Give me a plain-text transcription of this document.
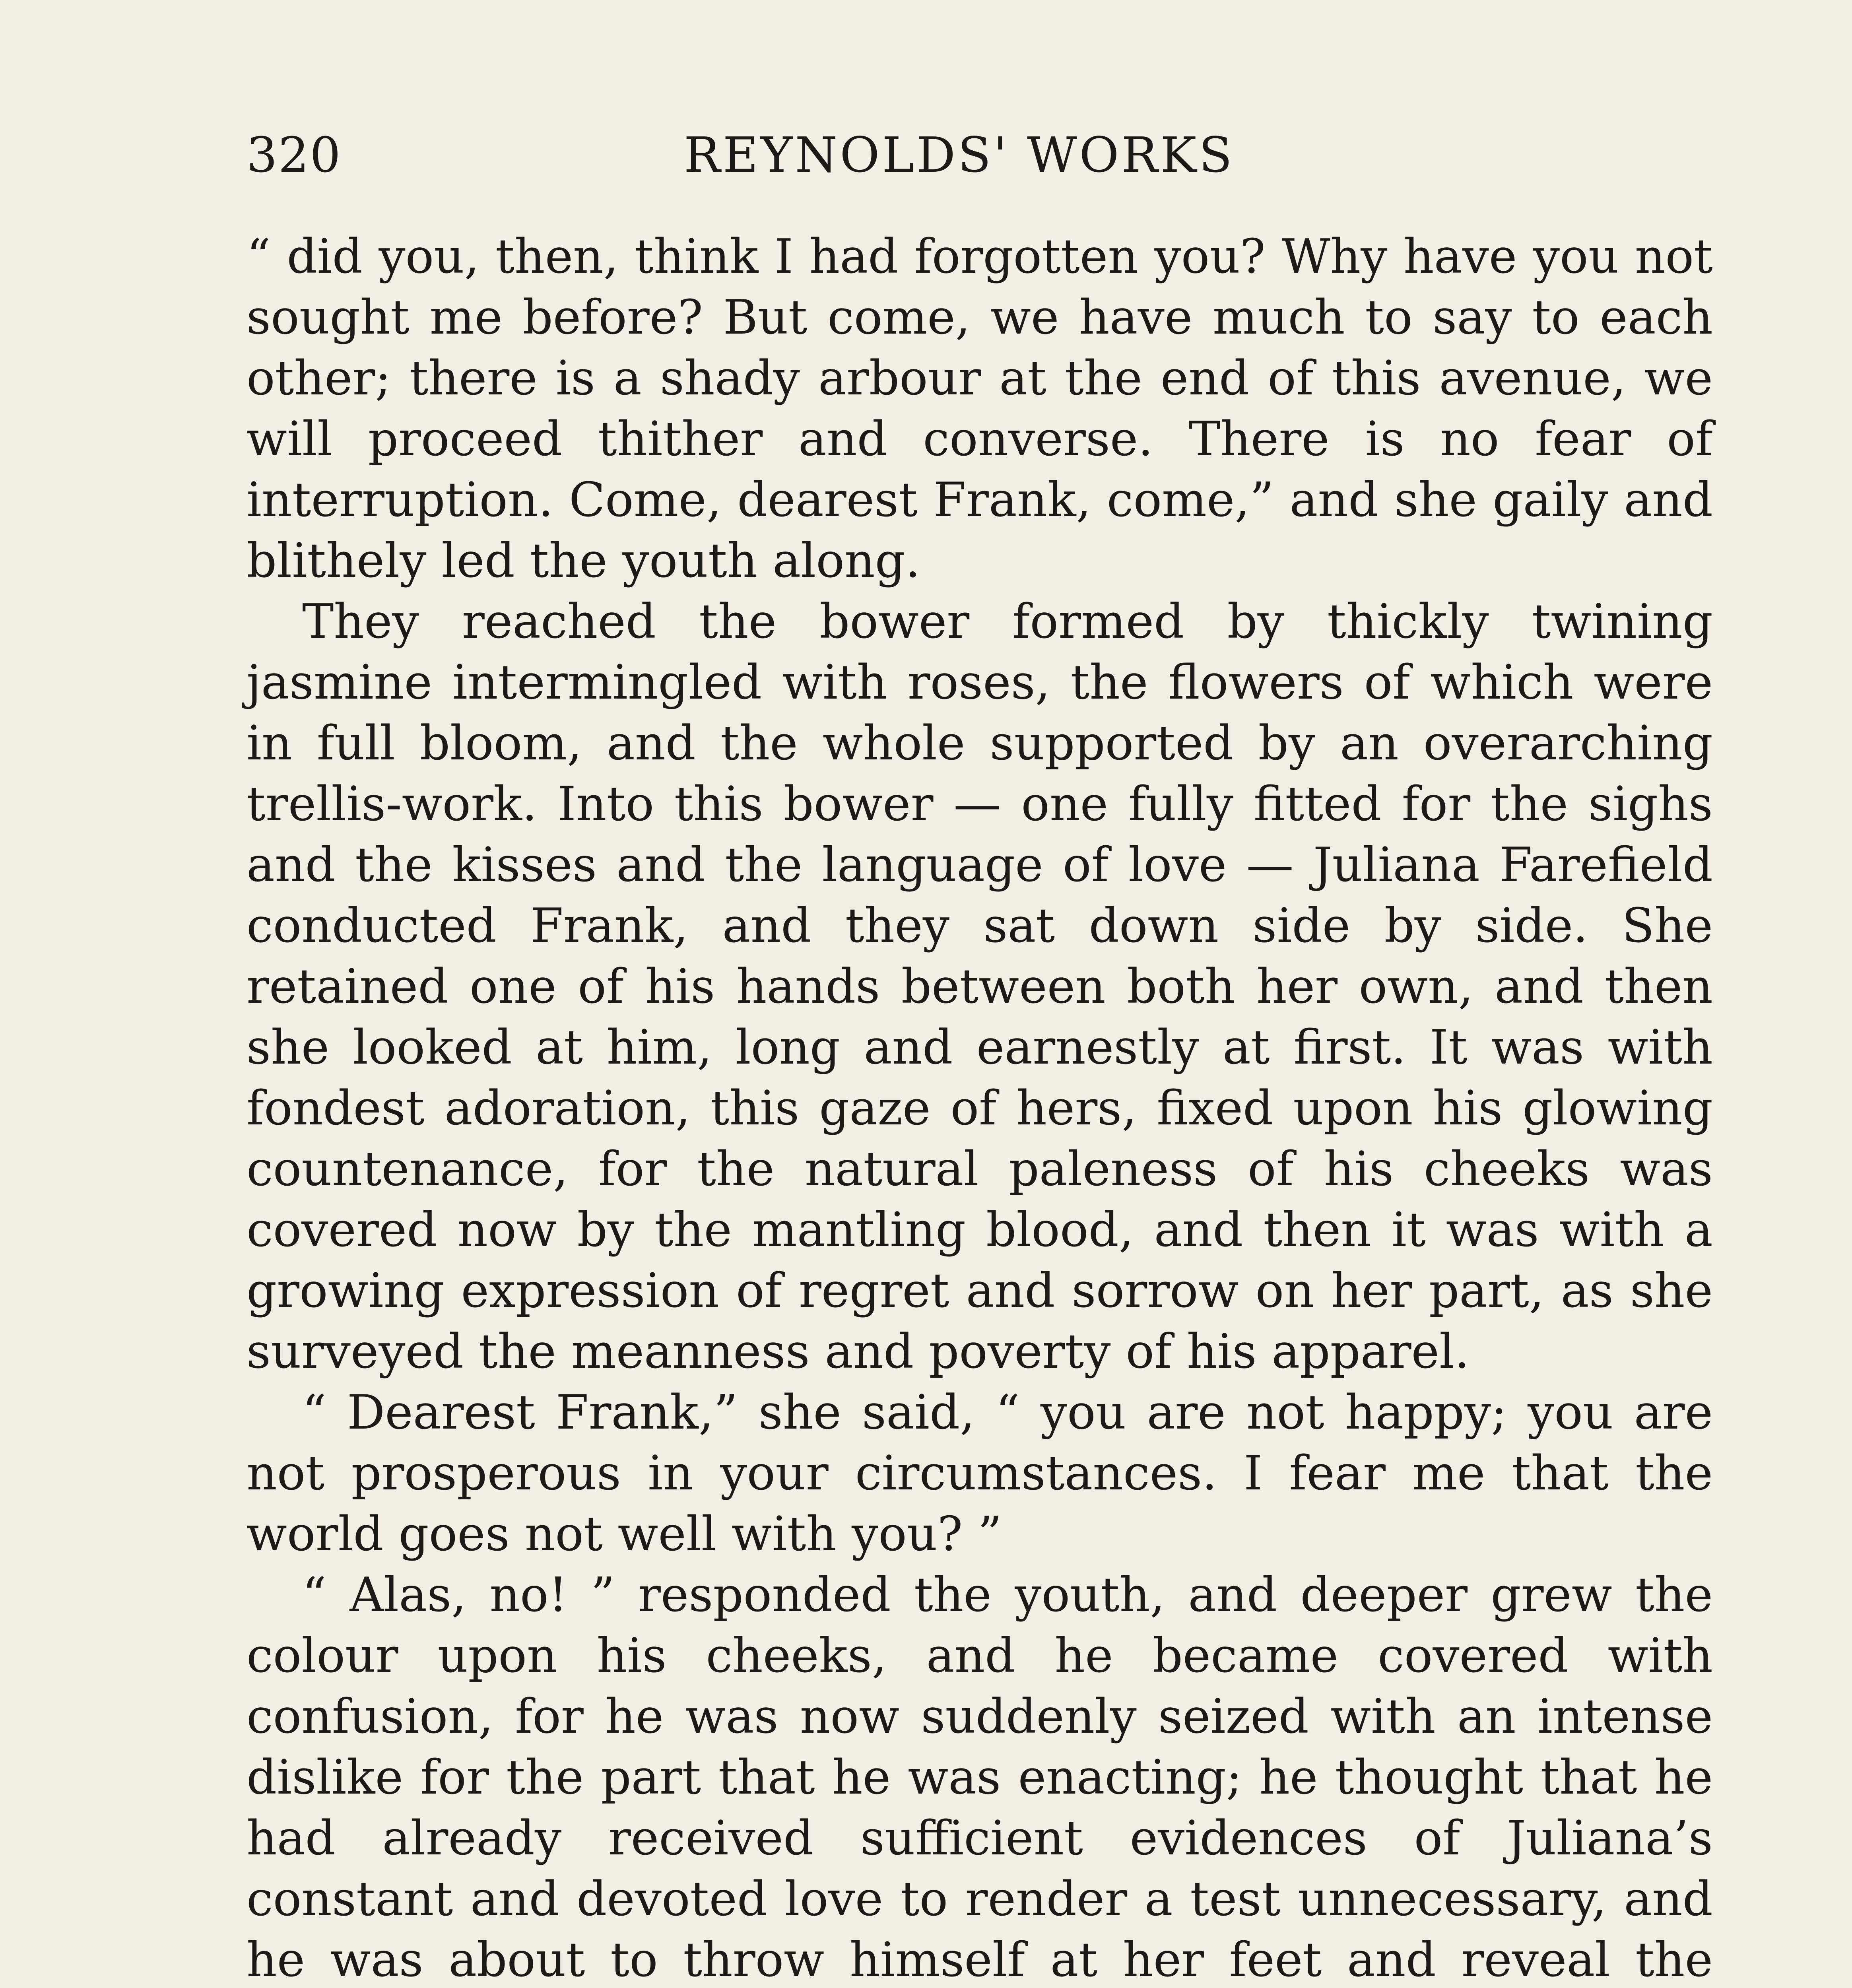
320	REYNOLDS' WORKS

“ did you, then, think I had forgotten you? Why have you not sought me before? But come, we have much to say to each other; there is a shady arbour at the end of this avenue, we will proceed thither and converse. There is no fear of interruption. Come, dearest Frank, come,” and she gaily and blithely led the youth along.

They reached the bower formed by thickly twining jasmine intermingled with roses, the flowers of which were in full bloom, and the whole supported by an overarching trellis-work. Into this bower — one fully fitted for the sighs and the kisses and the language of love — Juliana Farefield conducted Frank, and they sat down side by side. She retained one of his hands between both her own, and then she looked at him, long and earnestly at first. It was with fondest adoration, this gaze of hers, fixed upon his glowing countenance, for the natural paleness of his cheeks was covered now by the mantling blood, and then it was with a growing expression of regret and sorrow on her part, as she surveyed the meanness and poverty of his apparel.

“ Dearest Frank,” she said, “ you are not happy; you are not prosperous in your circumstances. I fear me that the world goes not well with you? ”

“ Alas, no! ” responded the youth, and deeper grew the colour upon his cheeks, and he became covered with confusion, for he was now suddenly seized with an intense dislike for the part that he was enacting; he thought that he had already received sufficient evidences of Juliana’s constant and devoted love to render a test unnecessary, and he was about to throw himself at her feet and reveal the
